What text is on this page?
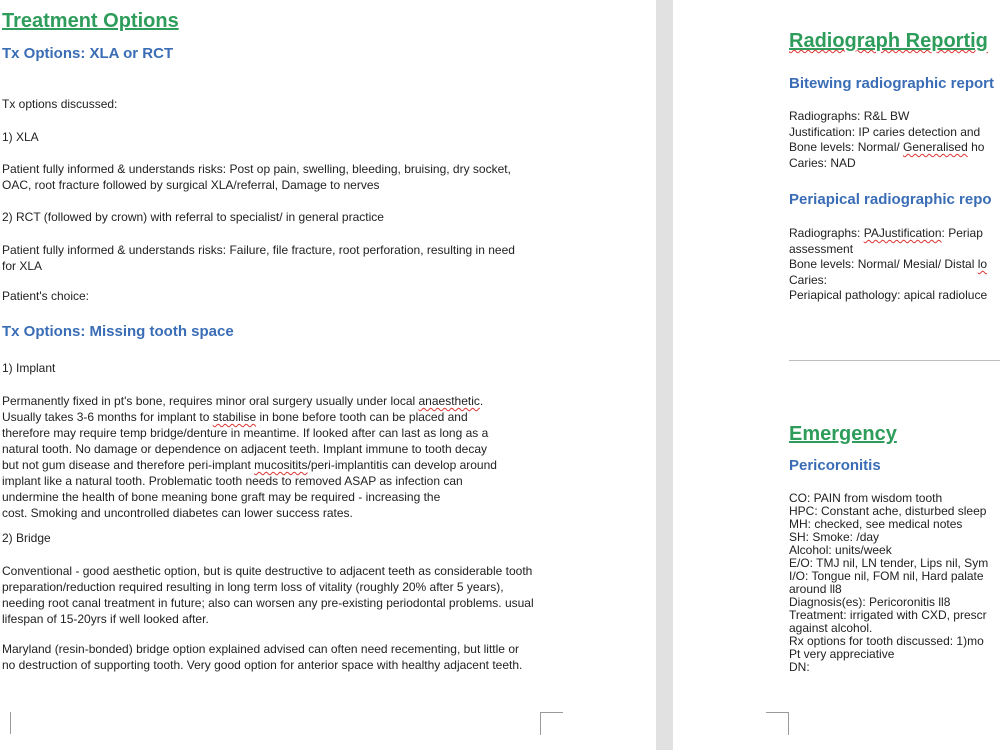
Treatment Options
Tx Options: XLA or RCT
Tx options discussed:
1) XLA
Patient fully informed & understands risks: Post op pain, swelling, bleeding, bruising, dry socket, OAC, root fracture followed by surgical XLA/referral, Damage to nerves
2) RCT (followed by crown) with referral to specialist/ in general practice
Patient fully informed & understands risks: Failure, file fracture, root perforation, resulting in need for XLA
Patient's choice:
Tx Options: Missing tooth space
1) Implant
Permanently fixed in pt's bone, requires minor oral surgery usually under local anaesthetic.
Usually takes 3-6 months for implant to stabilise in bone before tooth can be placed and
therefore may require temp bridge/denture in meantime. If looked after can last as long as a
natural tooth. No damage or dependence on adjacent teeth. Implant immune to tooth decay
but not gum disease and therefore peri-implant mucositits/peri-implantitis can develop around
implant like a natural tooth. Problematic tooth needs to removed ASAP as infection can
undermine the health of bone meaning bone graft may be required - increasing the
cost. Smoking and uncontrolled diabetes can lower success rates.
2) Bridge
Conventional - good aesthetic option, but is quite destructive to adjacent teeth as considerable tooth preparation/reduction required resulting in long term loss of vitality (roughly 20% after 5 years), needing root canal treatment in future; also can worsen any pre-existing periodontal problems. usual lifespan of 15-20yrs if well looked after.
Maryland (resin-bonded) bridge option explained advised can often need recementing, but little or no destruction of supporting tooth. Very good option for anterior space with healthy adjacent teeth.
Radiograph Reportig
Bitewing radiographic report
Radiographs: R&L BW
Justification: IP caries detection and
Bone levels: Normal/ Generalised ho
Caries: NAD
Periapical radiographic repo
Radiographs: PAJustification: Periap
assessment
Bone levels: Normal/ Mesial/ Distal lo
Caries:
Periapical pathology: apical radioluce
Emergency
Pericoronitis
CO: PAIN from wisdom tooth
HPC: Constant ache, disturbed sleep
MH: checked, see medical notes
SH: Smoke: /day
Alcohol: units/week
E/O: TMJ nil, LN tender, Lips nil, Sym
I/O: Tongue nil, FOM nil, Hard palate
around ll8
Diagnosis(es): Pericoronitis ll8
Treatment: irrigated with CXD, prescr
against alcohol.
Rx options for tooth discussed: 1)mo
Pt very appreciative
DN:
